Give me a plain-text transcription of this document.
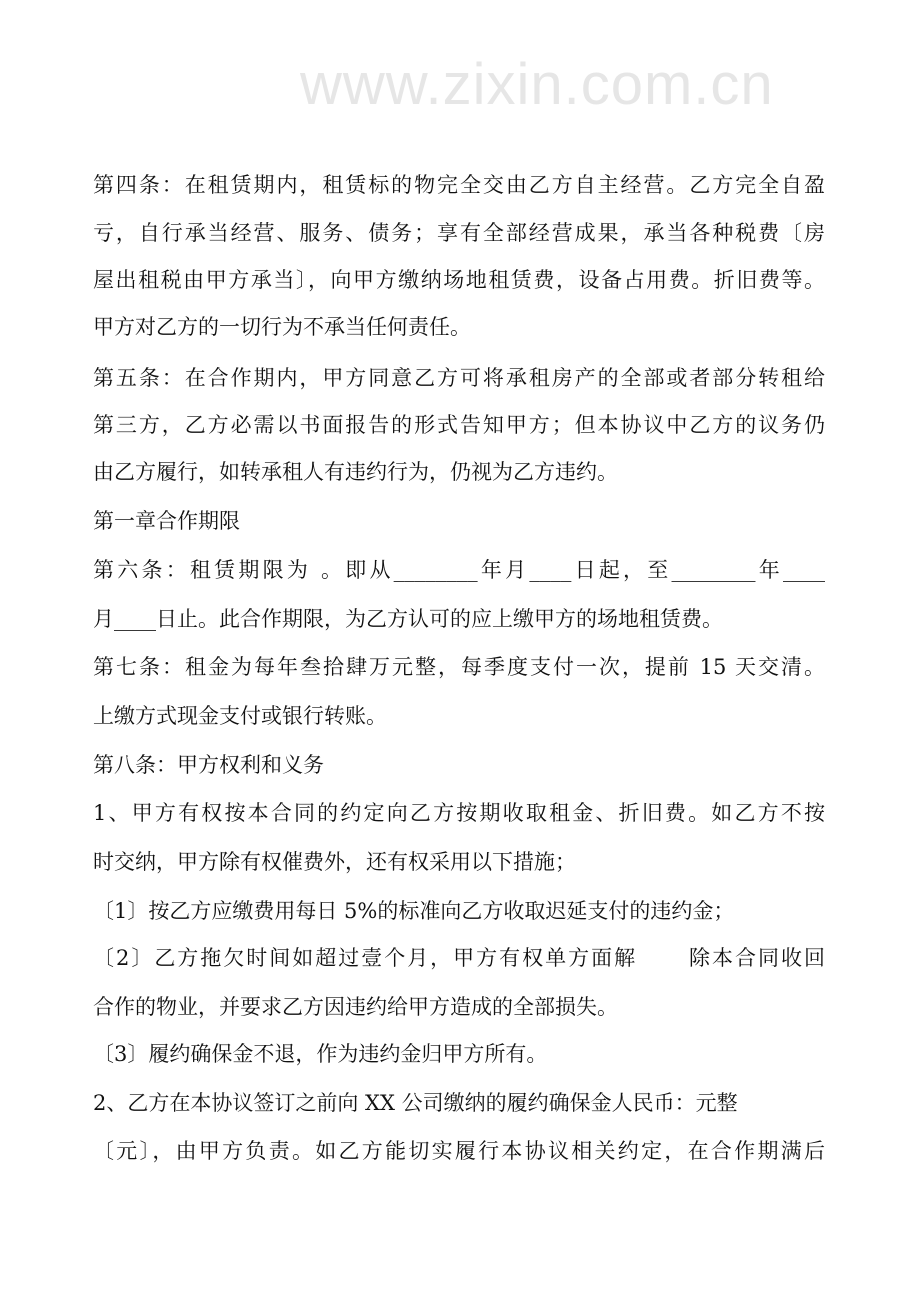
www.zixin.com.cn
第四条：在租赁期内，租赁标的物完全交由乙方自主经营。乙方完全自盈
亏，自行承当经营、服务、债务；享有全部经营成果，承当各种税费〔房
屋出租税由甲方承当〕，向甲方缴纳场地租赁费，设备占用费。折旧费等。
甲方对乙方的一切行为不承当任何责任。
第五条：在合作期内，甲方同意乙方可将承租房产的全部或者部分转租给
第三方，乙方必需以书面报告的形式告知甲方；但本协议中乙方的议务仍
由乙方履行，如转承租人有违约行为，仍视为乙方违约。
第一章合作期限
第六条：租赁期限为 。即从________年月____日起，至________年____
月____日止。此合作期限，为乙方认可的应上缴甲方的场地租赁费。
第七条：租金为每年叁拾肆万元整，每季度支付一次，提前 15 天交清。
上缴方式现金支付或银行转账。
第八条：甲方权利和义务
1、甲方有权按本合同的约定向乙方按期收取租金、折旧费。如乙方不按
时交纳，甲方除有权催费外，还有权采用以下措施；
〔1〕按乙方应缴费用每日 5%的标准向乙方收取迟延支付的违约金；
〔2〕乙方拖欠时间如超过壹个月，甲方有权单方面解      除本合同收回
合作的物业，并要求乙方因违约给甲方造成的全部损失。
〔3〕履约确保金不退，作为违约金归甲方所有。
2、乙方在本协议签订之前向 XX 公司缴纳的履约确保金人民币：元整
〔元〕，由甲方负责。如乙方能切实履行本协议相关约定，在合作期满后
